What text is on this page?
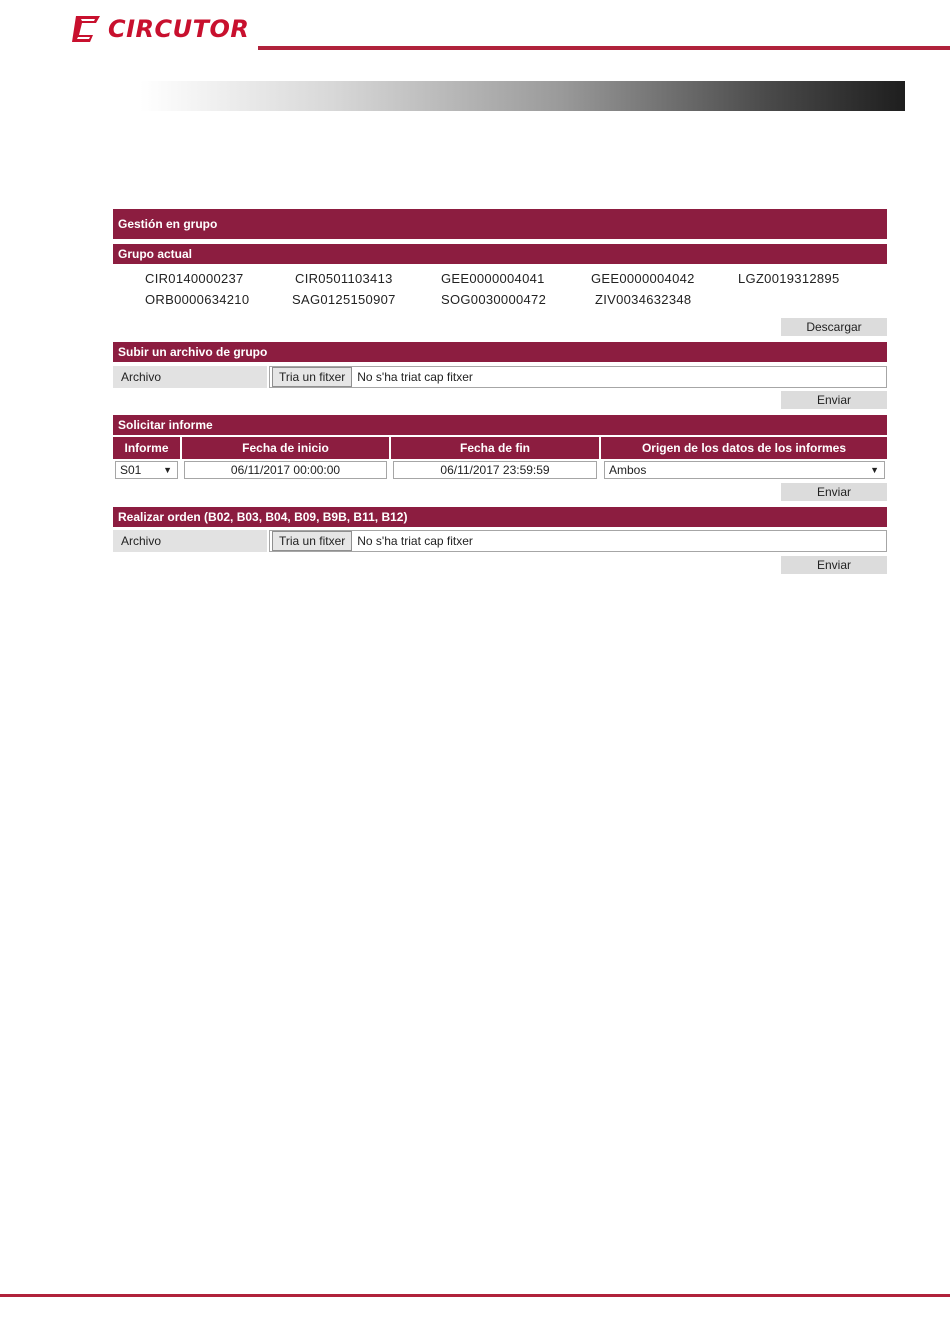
CIRCUTOR
Gestión en grupo
Grupo actual
CIR0140000237	CIR0501103413	GEE0000004041	GEE0000004042	LGZ0019312895
ORB0000634210	SAG0125150907	SOG0030000472	ZIV0034632348
Descargar
Subir un archivo de grupo
Archivo	Tria un fitxer	No s'ha triat cap fitxer
Enviar
Solicitar informe
Informe	Fecha de inicio	Fecha de fin	Origen de los datos de los informes
S01 ▼	06/11/2017 00:00:00	06/11/2017 23:59:59	Ambos	▼
Enviar
Realizar orden (B02, B03, B04, B09, B9B, B11, B12)
Archivo	Tria un fitxer	No s'ha triat cap fitxer
Enviar
